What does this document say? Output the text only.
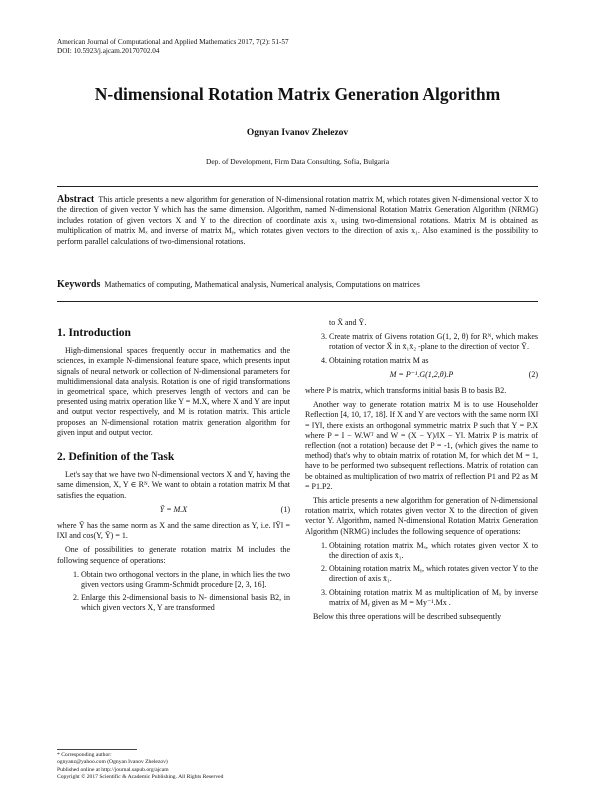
American Journal of Computational and Applied Mathematics 2017, 7(2): 51-57
DOI: 10.5923/j.ajcam.20170702.04
N-dimensional Rotation Matrix Generation Algorithm
Ognyan Ivanov Zhelezov
Dep. of Development, Firm Data Consulting, Sofia, Bulgaria
Abstract This article presents a new algorithm for generation of N-dimensional rotation matrix M, which rotates given N-dimensional vector X to the direction of given vector Y which has the same dimension. Algorithm, named N-dimensional Rotation Matrix Generation Algorithm (NRMG) includes rotation of given vectors X and Y to the direction of coordinate axis x₁ using two-dimensional rotations. Matrix M is obtained as multiplication of matrix Mₓ and inverse of matrix Mᵧ, which rotates given vectors to the direction of axis x₁. Also examined is the possibility to perform parallel calculations of two-dimensional rotations.
Keywords Mathematics of computing, Mathematical analysis, Numerical analysis, Computations on matrices
1. Introduction

High-dimensional spaces frequently occur in mathematics and the sciences, in example N-dimensional feature space, which presents input signals of neural network or collection of N-dimensional parameters for multidimensional data analysis. Rotation is one of rigid transformations in geometrical space, which preserves length of vectors and can be presented using matrix operation like Y = M.X, where X and Y are input and output vector respectively, and M is rotation matrix. This article proposes an N-dimensional rotation matrix generation algorithm for given input and output vector.

2. Definition of the Task

Let's say that we have two N-dimensional vectors X and Y, having the same dimension, X, Y ∈ Rᴺ. We want to obtain a rotation matrix M that satisfies the equation.

Ȳ = M.X	(1)

where Ȳ has the same norm as X and the same direction as Y, i.e. ‖Ȳ‖ = ‖X‖ and cos(Y, Ȳ) = 1.

One of possibilities to generate rotation matrix M includes the following sequence of operations:

1. Obtain two orthogonal vectors in the plane, in which lies the two given vectors using Gramm-Schmidt procedure [2, 3, 16].
2. Enlarge this 2-dimensional basis to N- dimensional basis B2, in which given vectors X, Y are transformed

to X̄ and Ȳ.

3. Create matrix of Givens rotation G(1, 2, θ) for Rᴺ, which makes rotation of vector X̄ in x̄₁x̄₂ -plane to the direction of vector Ȳ.
4. Obtaining rotation matrix M as
M = P⁻¹.G(1,2,θ).P	(2)

where P is matrix, which transforms initial basis B to basis B2.

Another way to generate rotation matrix M is to use Householder Reflection [4, 10, 17, 18]. If X and Y are vectors with the same norm ‖X‖ = ‖Y‖, there exists an orthogonal symmetric matrix P such that Y = P.X where P = I − W.Wᵀ and W = (X − Y)/‖X − Y‖. Matrix P is matrix of reflection (not a rotation) because det P = -1, (which gives the name to method) that's why to obtain matrix of rotation M, for which det M = 1, have to be performed two subsequent reflections. Matrix of rotation can be obtained as multiplication of two matrix of reflection P1 and P2 as M = P1.P2.

This article presents a new algorithm for generation of N-dimensional rotation matrix, which rotates given vector X to the direction of given vector Y. Algorithm, named N-dimensional Rotation Matrix Generation Algorithm (NRMG) includes the following sequence of operations:

1. Obtaining rotation matrix Mₓ, which rotates given vector X to the direction of axis x̄₁.
2. Obtaining rotation matrix Mᵧ, which rotates given vector Y to the direction of axis x̄₁.
3. Obtaining rotation matrix M as multiplication of Mₓ by inverse matrix of Mᵧ given as M = My⁻¹.Mx .

Below this three operations will be described subsequently

* Corresponding author:
ognyanz@yahoo.com (Ognyan Ivanov Zhelezov)
Published online at http://journal.sapub.org/ajcam
Copyright © 2017 Scientific & Academic Publishing. All Rights Reserved
